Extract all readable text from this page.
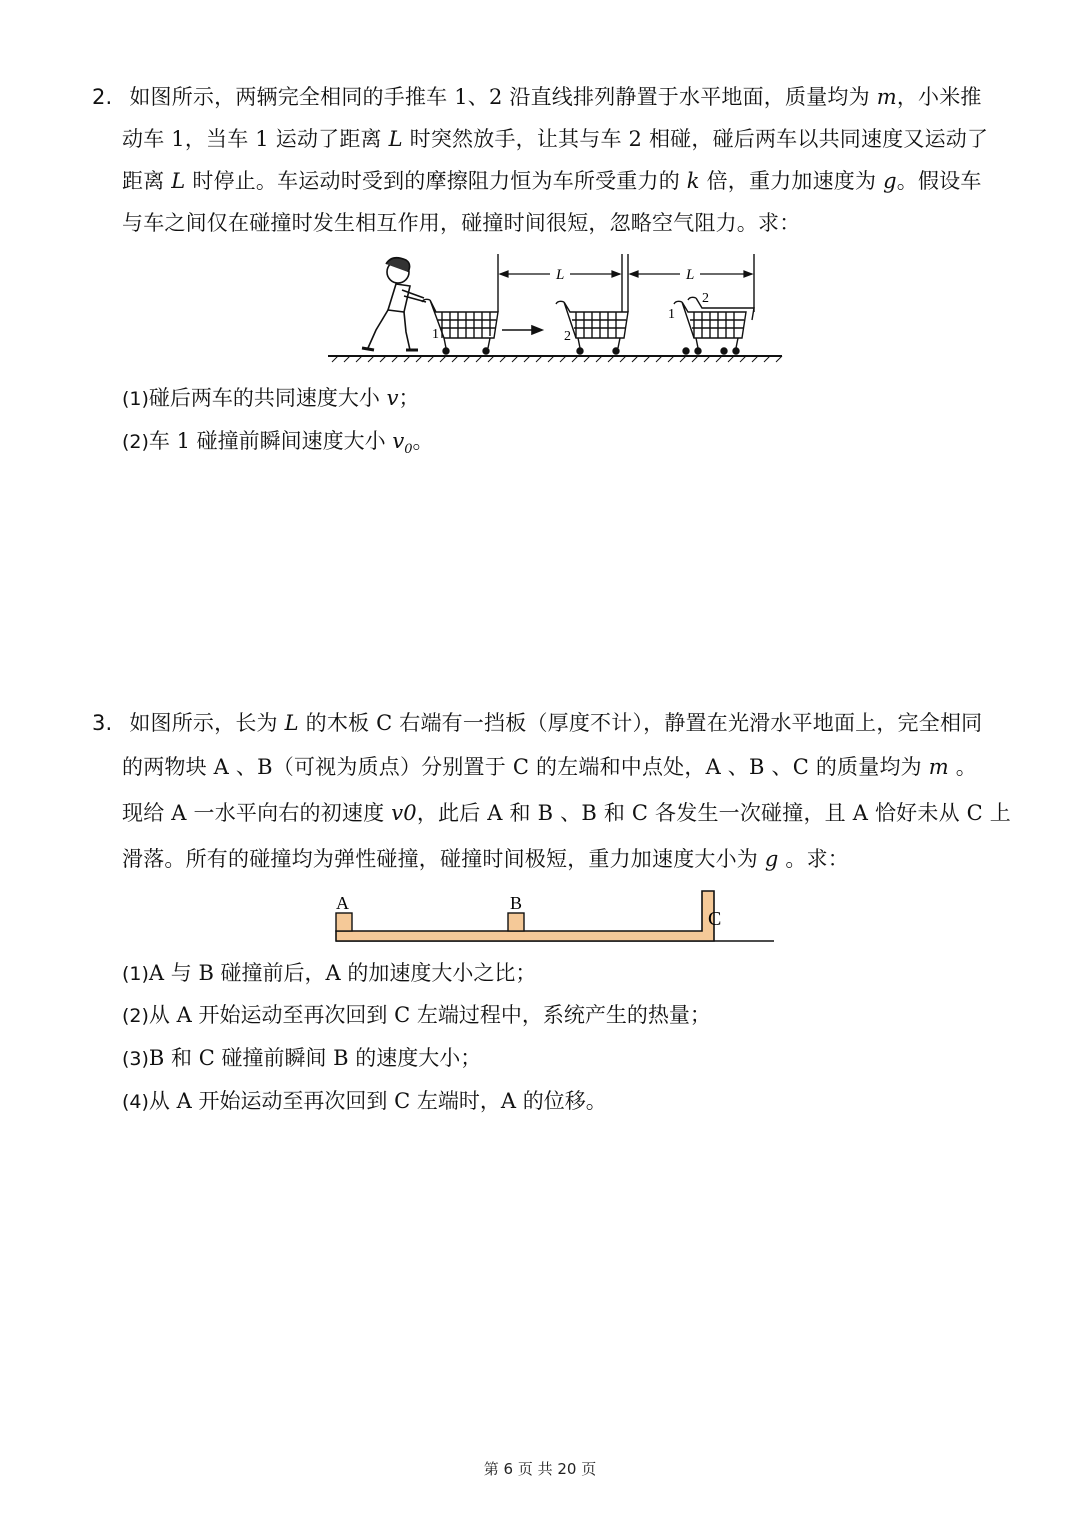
2. 如图所示，两辆完全相同的手推车 1、2 沿直线排列静置于水平地面，质量均为 m，小米推
动车 1，当车 1 运动了距离 L 时突然放手，让其与车 2 相碰，碰后两车以共同速度又运动了
距离 L 时停止。车运动时受到的摩擦阻力恒为车所受重力的 k 倍，重力加速度为 g。假设车
与车之间仅在碰撞时发生相互作用，碰撞时间很短，忽略空气阻力。求：
1
L	L
2
1
2
(1)碰后两车的共同速度大小 v；
(2)车 1 碰撞前瞬间速度大小 $v_0$。
3. 如图所示，长为 L 的木板 C 右端有一挡板（厚度不计），静置在光滑水平地面上，完全相同
的两物块 A 、B（可视为质点）分别置于 C 的左端和中点处，A 、B 、C 的质量均为 m 。
现给 A 一水平向右的初速度 v0，此后 A 和 B 、B 和 C 各发生一次碰撞，且 A 恰好未从 C 上
滑落。所有的碰撞均为弹性碰撞，碰撞时间极短，重力加速度大小为 g 。求：
A	B
C
(1)A 与 B 碰撞前后，A 的加速度大小之比；
(2)从 A 开始运动至再次回到 C 左端过程中，系统产生的热量；
(3)B 和 C 碰撞前瞬间 B 的速度大小；
(4)从 A 开始运动至再次回到 C 左端时，A 的位移。
第 6 页 共 20 页
